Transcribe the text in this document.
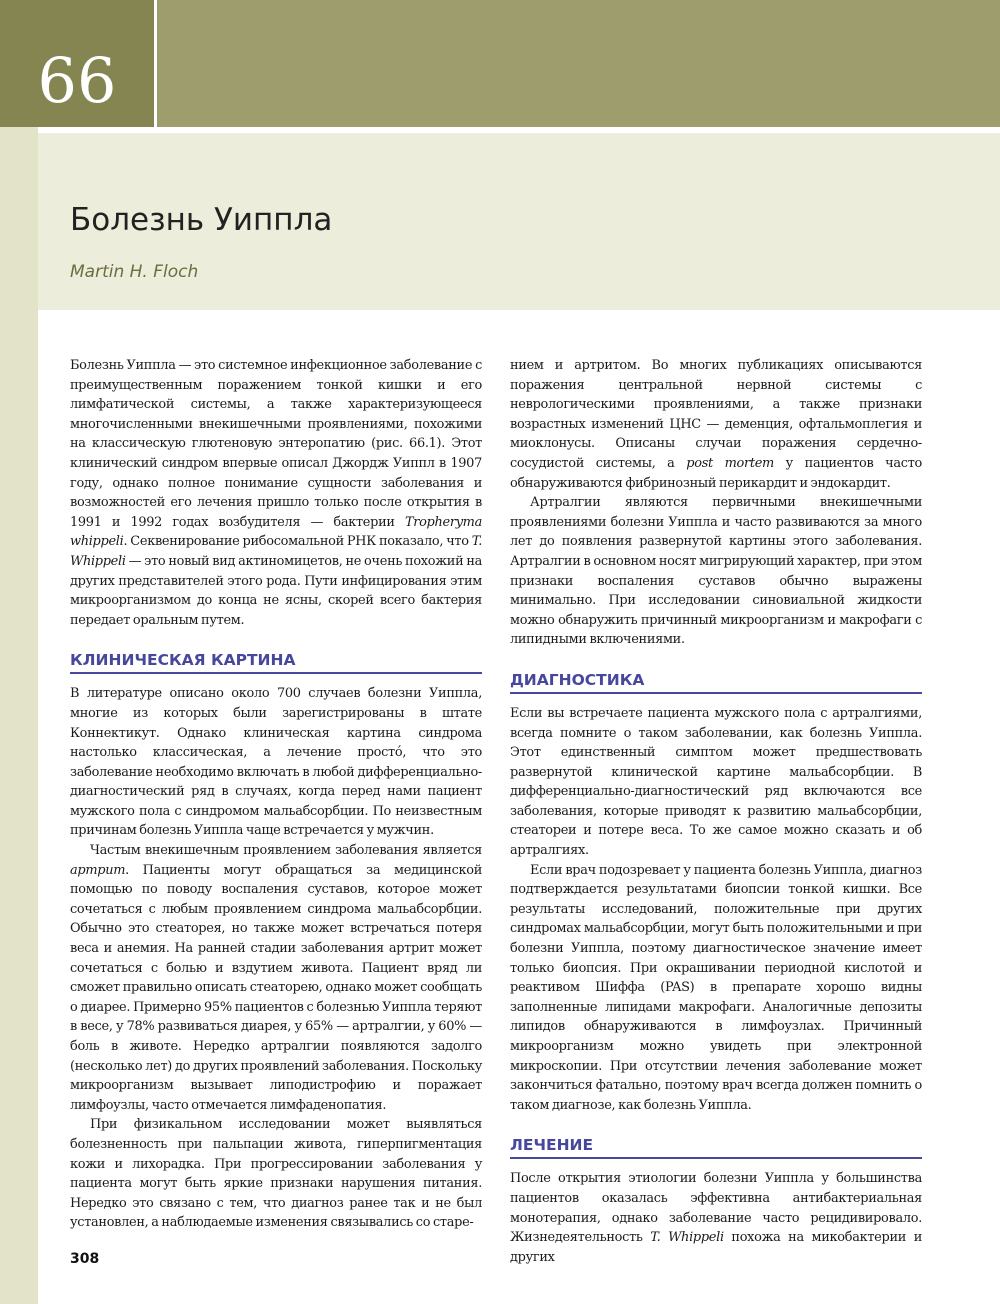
66
Болезнь Уиппла
Martin H. Floch

Болезнь Уиппла — это системное инфекционное заболевание с преимущественным поражением тонкой кишки и его лимфатической системы, а также характеризующееся многочисленными внекишечными проявлениями, похожими на классическую глютеновую энтеропатию (рис. 66.1). Этот клинический синдром впервые описал Джордж Уиппл в 1907 году, однако полное понимание сущности заболевания и возможностей его лечения пришло только после открытия в 1991 и 1992 годах возбудителя — бактерии Tropheryma whippeli. Секвенирование рибосомальной РНК показало, что T. Whippeli — это новый вид актиномицетов, не очень похожий на других представителей этого рода. Пути инфицирования этим микроорганизмом до конца не ясны, скорей всего бактерия передает оральным путем.

КЛИНИЧЕСКАЯ КАРТИНА

В литературе описано около 700 случаев болезни Уиппла, многие из которых были зарегистрированы в штате Коннектикут. Однако клиническая картина синдрома настолько классическая, а лечение простó, что это заболевание необходимо включать в любой дифференциально-диагностический ряд в случаях, когда перед нами пациент мужского пола с синдромом мальабсорбции. По неизвестным причинам болезнь Уиппла чаще встречается у мужчин.

Частым внекишечным проявлением заболевания является артрит. Пациенты могут обращаться за медицинской помощью по поводу воспаления суставов, которое может сочетаться с любым проявлением синдрома мальабсорбции. Обычно это стеаторея, но также может встречаться потеря веса и анемия. На ранней стадии заболевания артрит может сочетаться с болью и вздутием живота. Пациент вряд ли сможет правильно описать стеаторею, однако может сообщать о диарее. Примерно 95% пациентов с болезнью Уиппла теряют в весе, у 78% развиваться диарея, у 65% — артралгии, у 60% — боль в животе. Нередко артралгии появляются задолго (несколько лет) до других проявлений заболевания. Поскольку микроорганизм вызывает липодистрофию и поражает лимфоузлы, часто отмечается лимфаденопатия.

При физикальном исследовании может выявляться болезненность при пальпации живота, гиперпигментация кожи и лихорадка. При прогрессировании заболевания у пациента могут быть яркие признаки нарушения питания. Нередко это связано с тем, что диагноз ранее так и не был установлен, а наблюдаемые изменения связывались со старе-

нием и артритом. Во многих публикациях описываются поражения центральной нервной системы с неврологическими проявлениями, а также признаки возрастных изменений ЦНС — деменция, офтальмоплегия и миоклонусы. Описаны случаи поражения сердечно-сосудистой системы, а post mortem у пациентов часто обнаруживаются фибринозный перикардит и эндокардит.

Артралгии являются первичными внекишечными проявлениями болезни Уиппла и часто развиваются за много лет до появления развернутой картины этого заболевания. Артралгии в основном носят мигрирующий характер, при этом признаки воспаления суставов обычно выражены минимально. При исследовании синовиальной жидкости можно обнаружить причинный микроорганизм и макрофаги с липидными включениями.

ДИАГНОСТИКА

Если вы встречаете пациента мужского пола с артралгиями, всегда помните о таком заболевании, как болезнь Уиппла. Этот единственный симптом может предшествовать развернутой клинической картине мальабсорбции. В дифференциально-диагностический ряд включаются все заболевания, которые приводят к развитию мальабсорбции, стеатореи и потере веса. То же самое можно сказать и об артралгиях.

Если врач подозревает у пациента болезнь Уиппла, диагноз подтверждается результатами биопсии тонкой кишки. Все результаты исследований, положительные при других синдромах мальабсорбции, могут быть положительными и при болезни Уиппла, поэтому диагностическое значение имеет только биопсия. При окрашивании периодной кислотой и реактивом Шиффа (PAS) в препарате хорошо видны заполненные липидами макрофаги. Аналогичные депозиты липидов обнаруживаются в лимфоузлах. Причинный микроорганизм можно увидеть при электронной микроскопии. При отсутствии лечения заболевание может закончиться фатально, поэтому врач всегда должен помнить о таком диагнозе, как болезнь Уиппла.

ЛЕЧЕНИЕ

После открытия этиологии болезни Уиппла у большинства пациентов оказалась эффективна антибактериальная монотерапия, однако заболевание часто рецидивировало. Жизнедеятельность T. Whippeli похожа на микобактерии и других

308
